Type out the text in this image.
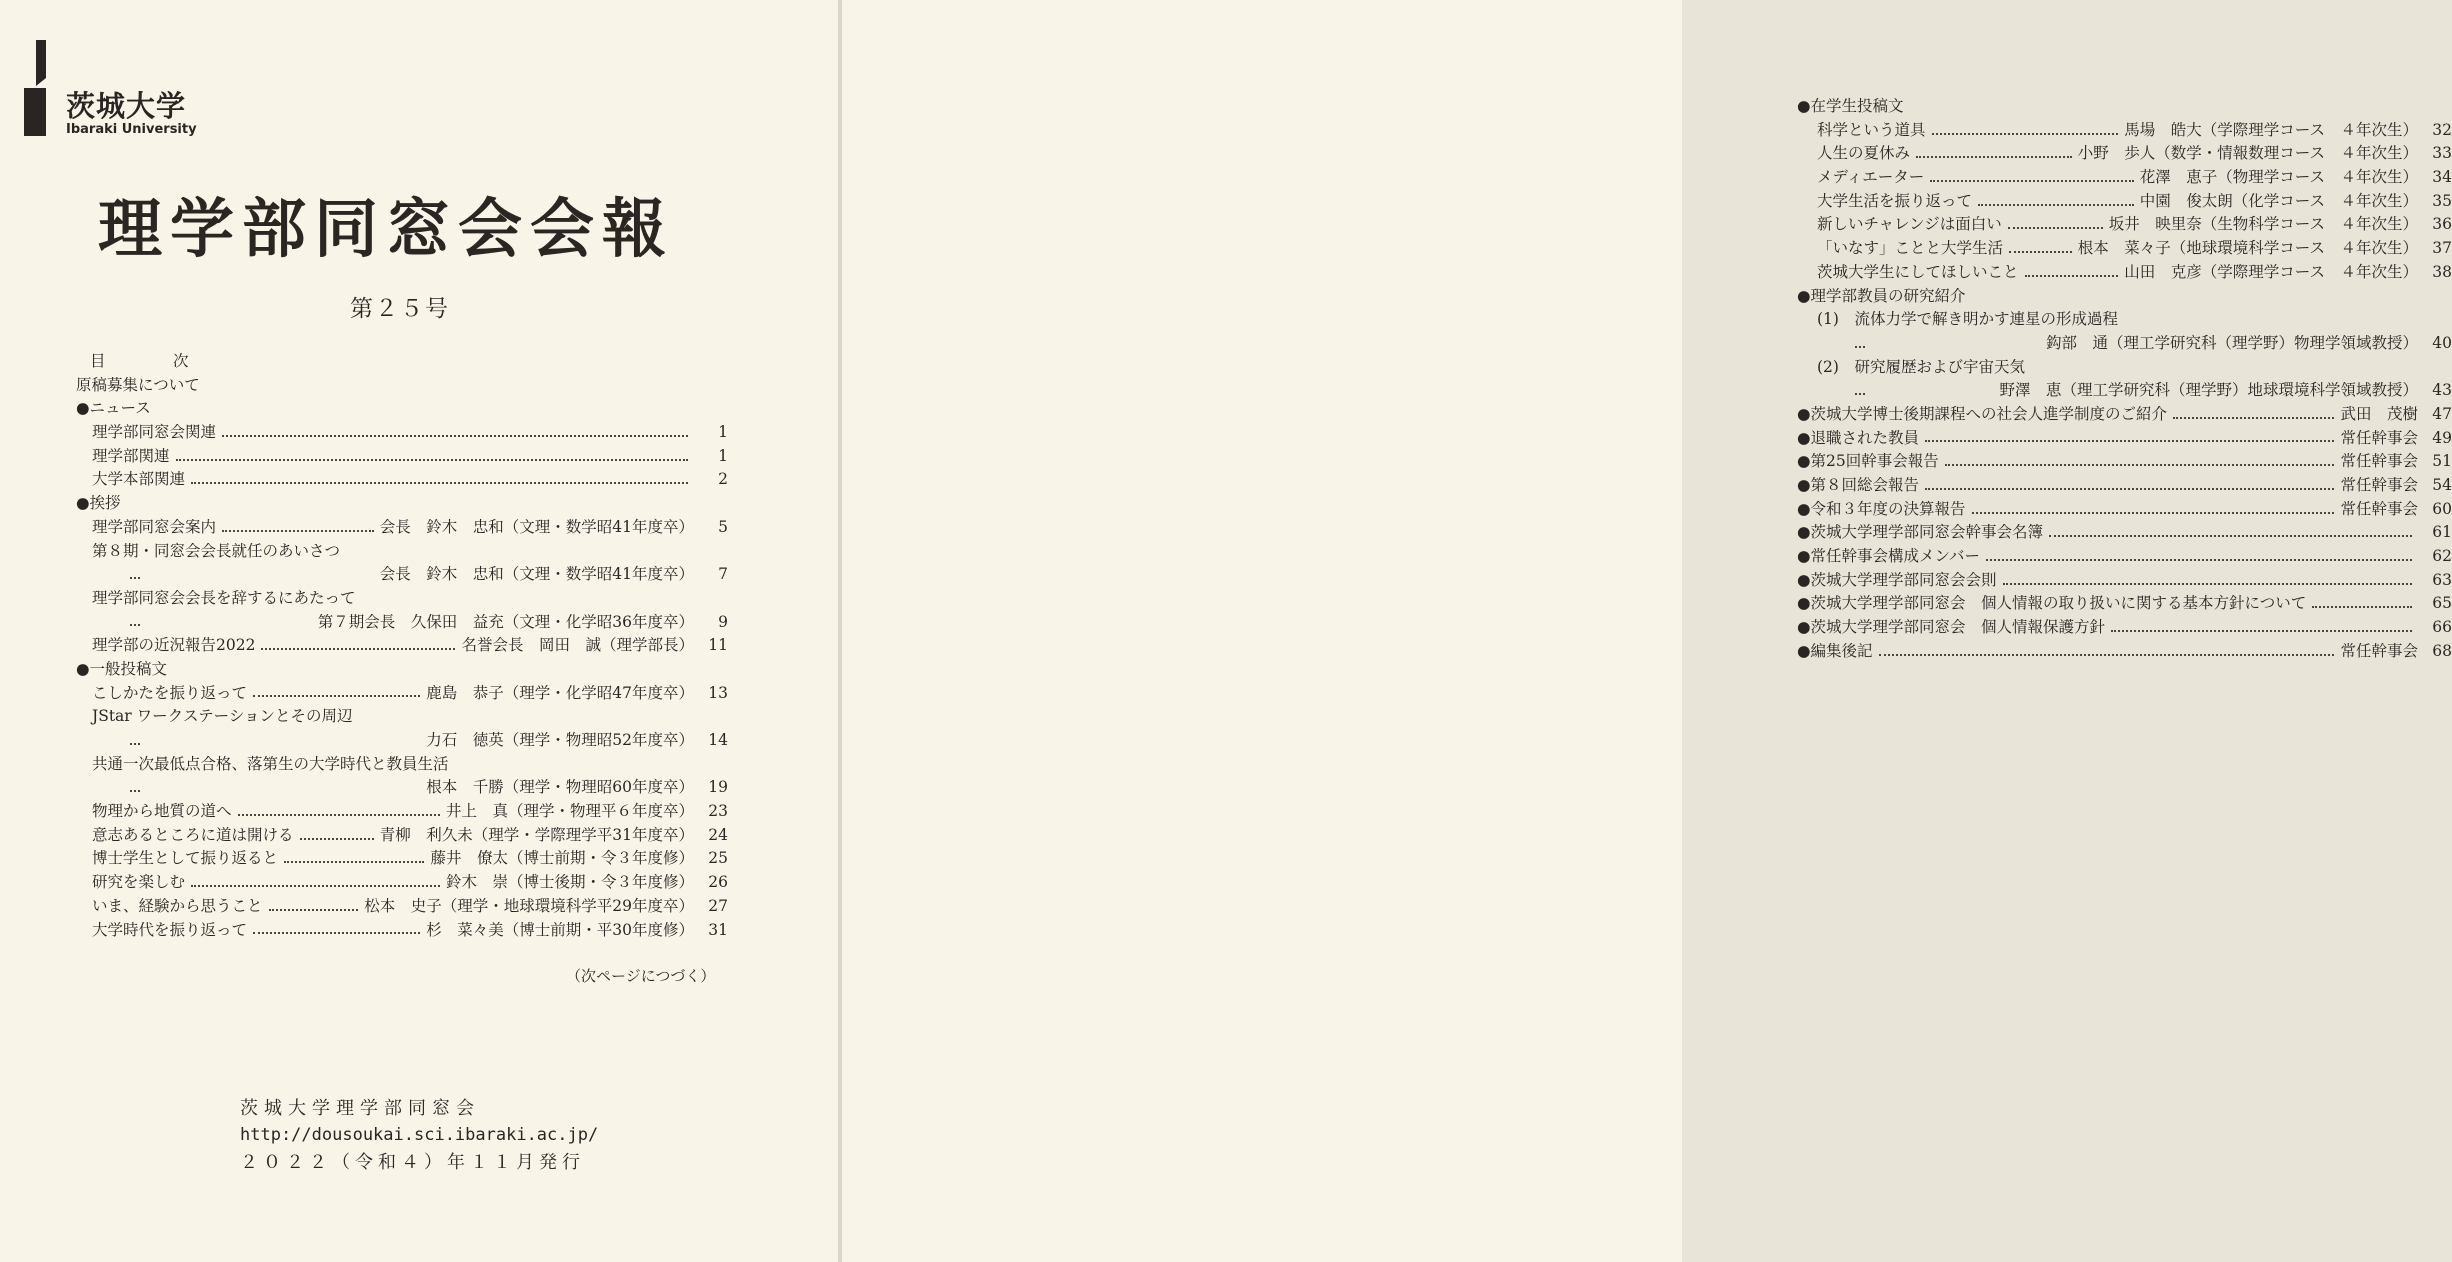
茨城大学
Ibaraki University
理学部同窓会会報
第２５号
目　次
原稿募集について
●ニュース
理学部同窓会関連	1
理学部関連	1
大学本部関連	2
●挨拶
理学部同窓会案内	会長　鈴木　忠和（文理・数学昭41年度卒）	5
第８期・同窓会会長就任のあいさつ
会長　鈴木　忠和（文理・数学昭41年度卒）	7
理学部同窓会会長を辞するにあたって
第７期会長　久保田　益充（文理・化学昭36年度卒）	9
理学部の近況報告2022	名誉会長　岡田　誠（理学部長） 11
●一般投稿文
こしかたを振り返って	鹿島　恭子（理学・化学昭47年度卒） 13
JStar ワークステーションとその周辺
力石　徳英（理学・物理昭52年度卒） 14
共通一次最低点合格、落第生の大学時代と教員生活
根本　千勝（理学・物理昭60年度卒） 19
物理から地質の道へ	井上　真（理学・物理平６年度卒） 23
意志あるところに道は開ける	青柳　利久未（理学・学際理学平31年度卒） 24
博士学生として振り返ると	藤井　僚太（博士前期・令３年度修） 25
研究を楽しむ	鈴木　崇（博士後期・令３年度修） 26
いま、経験から思うこと	松本　史子（理学・地球環境科学平29年度卒） 27
大学時代を振り返って	杉　菜々美（博士前期・平30年度修） 31
（次ページにつづく）
茨城大学理学部同窓会
http://dousoukai.sci.ibaraki.ac.jp/
２０２２（令和４）年１１月発行
●在学生投稿文
科学という道具	馬場　皓大（学際理学コース　４年次生） 32
人生の夏休み	小野　歩人（数学・情報数理コース　４年次生） 33
メディエーター	花澤　恵子（物理学コース　４年次生） 34
大学生活を振り返って	中園　俊太朗（化学コース　４年次生） 35
新しいチャレンジは面白い	坂井　映里奈（生物科学コース　４年次生） 36
「いなす」ことと大学生活	根本　菜々子（地球環境科学コース　４年次生） 37
茨城大学生にしてほしいこと	山田　克彦（学際理学コース　４年次生） 38
●理学部教員の研究紹介
(1)　流体力学で解き明かす連星の形成過程
鈎部　通（理工学研究科（理学野）物理学領域教授） 40
(2)　研究履歴および宇宙天気
野澤　恵（理工学研究科（理学野）地球環境科学領域教授） 43
●茨城大学博士後期課程への社会人進学制度のご紹介	武田　茂樹 47
●退職された教員	常任幹事会 49
●第25回幹事会報告	常任幹事会 51
●第８回総会報告	常任幹事会 54
●令和３年度の決算報告	常任幹事会 60
●茨城大学理学部同窓会幹事会名簿	61
●常任幹事会構成メンバー	62
●茨城大学理学部同窓会会則	63
●茨城大学理学部同窓会　個人情報の取り扱いに関する基本方針について	65
●茨城大学理学部同窓会　個人情報保護方針	66
●編集後記	常任幹事会 68
